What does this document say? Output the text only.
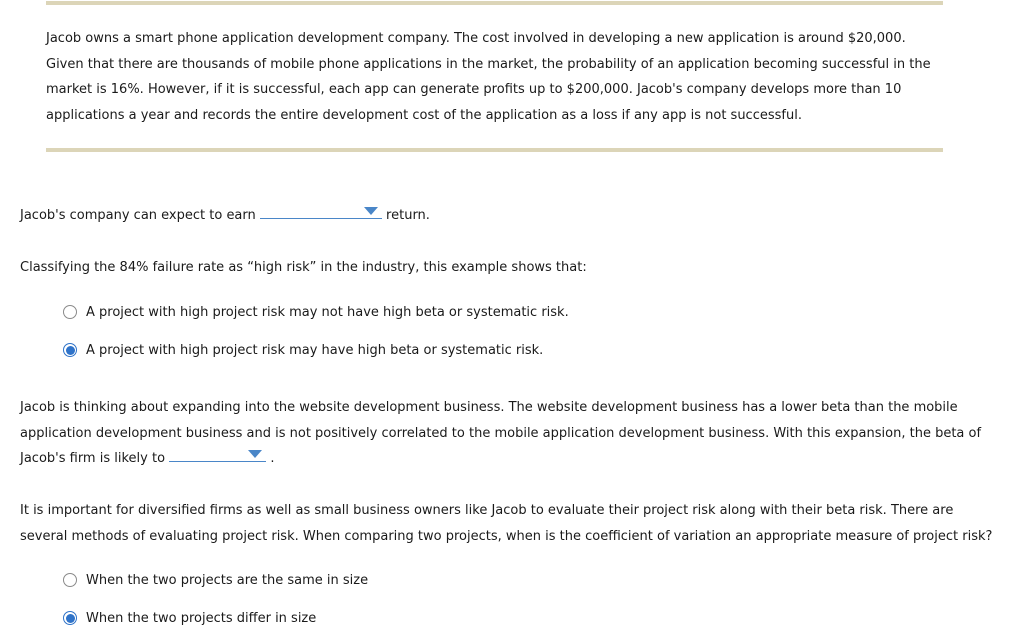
Jacob owns a smart phone application development company. The cost involved in developing a new application is around $20,000.
Given that there are thousands of mobile phone applications in the market, the probability of an application becoming successful in the
market is 16%. However, if it is successful, each app can generate profits up to $200,000. Jacob's company develops more than 10
applications a year and records the entire development cost of the application as a loss if any app is not successful.
Jacob's company can expect to earn	return.
Classifying the 84% failure rate as “high risk” in the industry, this example shows that:
A project with high project risk may not have high beta or systematic risk.
A project with high project risk may have high beta or systematic risk.
Jacob is thinking about expanding into the website development business. The website development business has a lower beta than the mobile
application development business and is not positively correlated to the mobile application development business. With this expansion, the beta of
Jacob's firm is likely to	.
It is important for diversified firms as well as small business owners like Jacob to evaluate their project risk along with their beta risk. There are
several methods of evaluating project risk. When comparing two projects, when is the coefficient of variation an appropriate measure of project risk?
When the two projects are the same in size
When the two projects differ in size
